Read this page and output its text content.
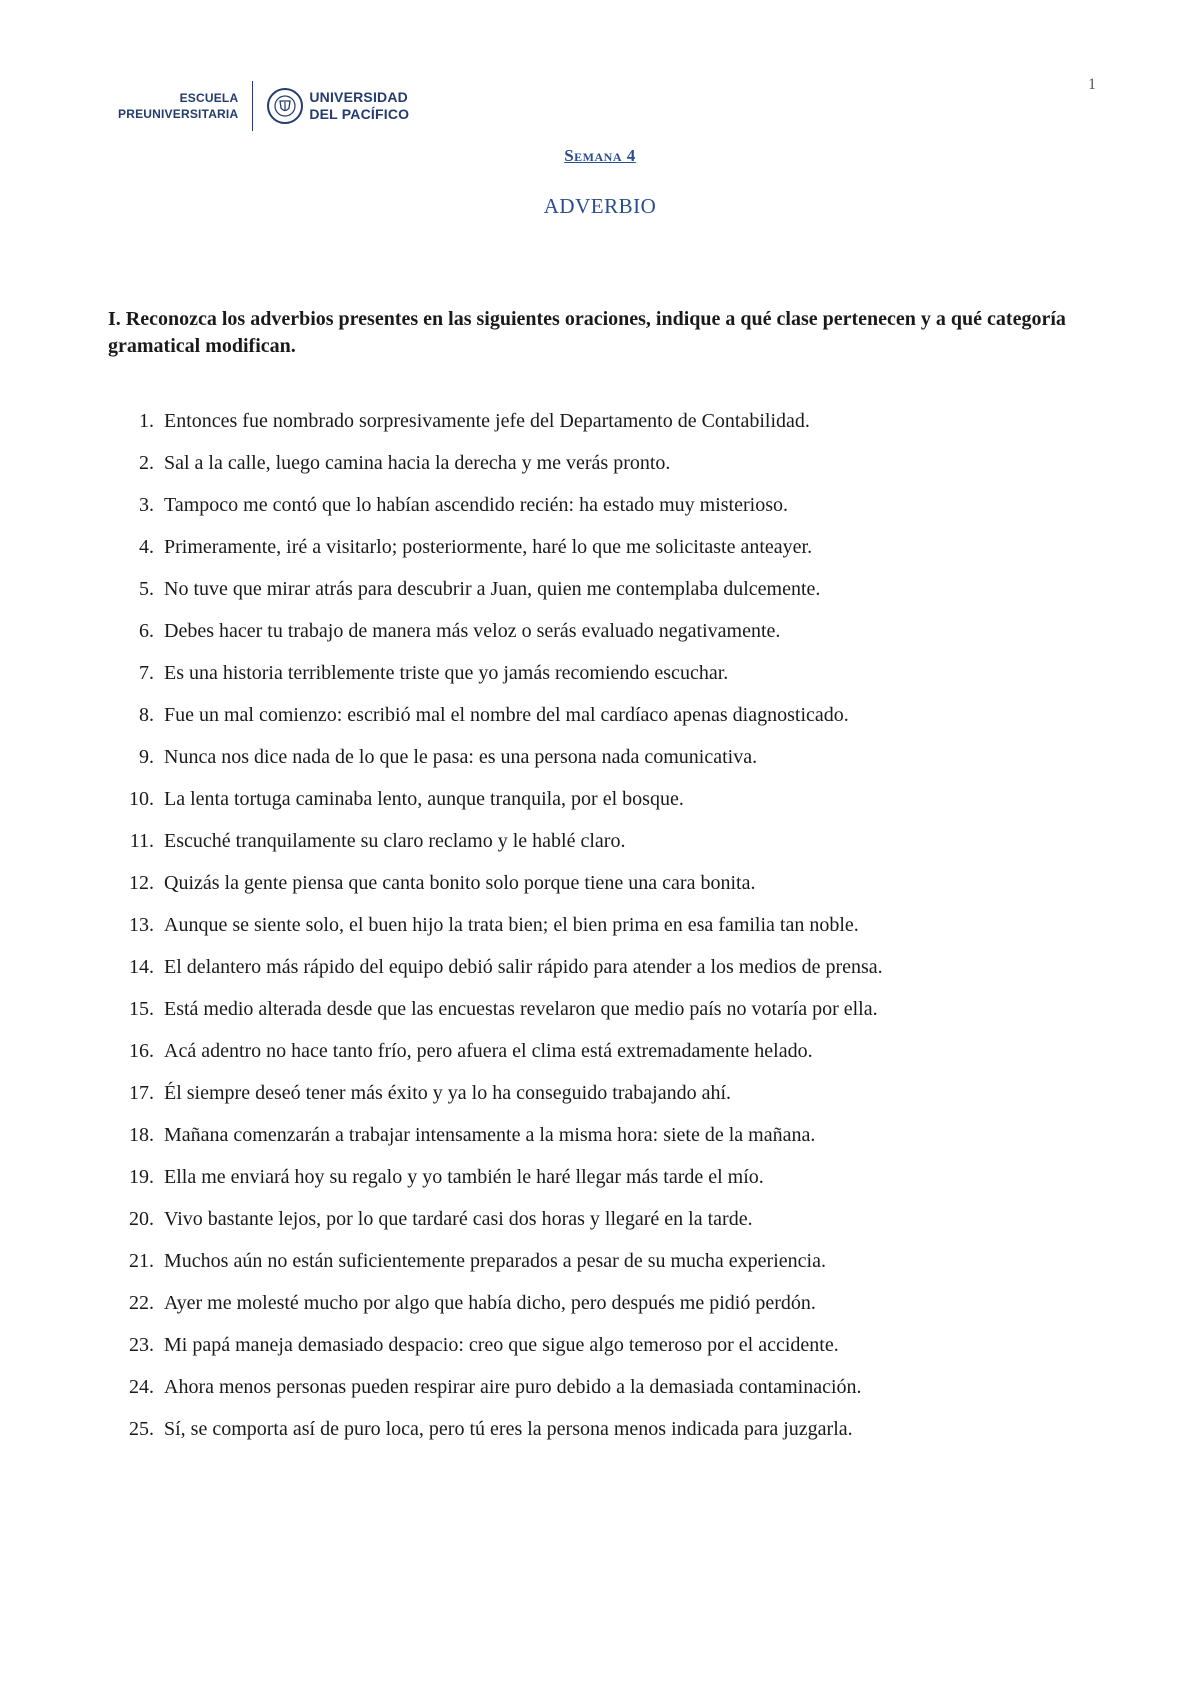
ESCUELA
PREUNIVERSITARIA
UNIVERSIDAD
DEL PACÍFICO
1
Semana 4
ADVERBIO
I. Reconozca los adverbios presentes en las siguientes oraciones, indique a qué clase pertenecen y a qué categoría gramatical modifican.
1. Entonces fue nombrado sorpresivamente jefe del Departamento de Contabilidad.
2. Sal a la calle, luego camina hacia la derecha y me verás pronto.
3. Tampoco me contó que lo habían ascendido recién: ha estado muy misterioso.
4. Primeramente, iré a visitarlo; posteriormente, haré lo que me solicitaste anteayer.
5. No tuve que mirar atrás para descubrir a Juan, quien me contemplaba dulcemente.
6. Debes hacer tu trabajo de manera más veloz o serás evaluado negativamente.
7. Es una historia terriblemente triste que yo jamás recomiendo escuchar.
8. Fue un mal comienzo: escribió mal el nombre del mal cardíaco apenas diagnosticado.
9. Nunca nos dice nada de lo que le pasa: es una persona nada comunicativa.
10. La lenta tortuga caminaba lento, aunque tranquila, por el bosque.
11. Escuché tranquilamente su claro reclamo y le hablé claro.
12. Quizás la gente piensa que canta bonito solo porque tiene una cara bonita.
13. Aunque se siente solo, el buen hijo la trata bien; el bien prima en esa familia tan noble.
14. El delantero más rápido del equipo debió salir rápido para atender a los medios de prensa.
15. Está medio alterada desde que las encuestas revelaron que medio país no votaría por ella.
16. Acá adentro no hace tanto frío, pero afuera el clima está extremadamente helado.
17. Él siempre deseó tener más éxito y ya lo ha conseguido trabajando ahí.
18. Mañana comenzarán a trabajar intensamente a la misma hora: siete de la mañana.
19. Ella me enviará hoy su regalo y yo también le haré llegar más tarde el mío.
20. Vivo bastante lejos, por lo que tardaré casi dos horas y llegaré en la tarde.
21. Muchos aún no están suficientemente preparados a pesar de su mucha experiencia.
22. Ayer me molesté mucho por algo que había dicho, pero después me pidió perdón.
23. Mi papá maneja demasiado despacio: creo que sigue algo temeroso por el accidente.
24. Ahora menos personas pueden respirar aire puro debido a la demasiada contaminación.
25. Sí, se comporta así de puro loca, pero tú eres la persona menos indicada para juzgarla.
